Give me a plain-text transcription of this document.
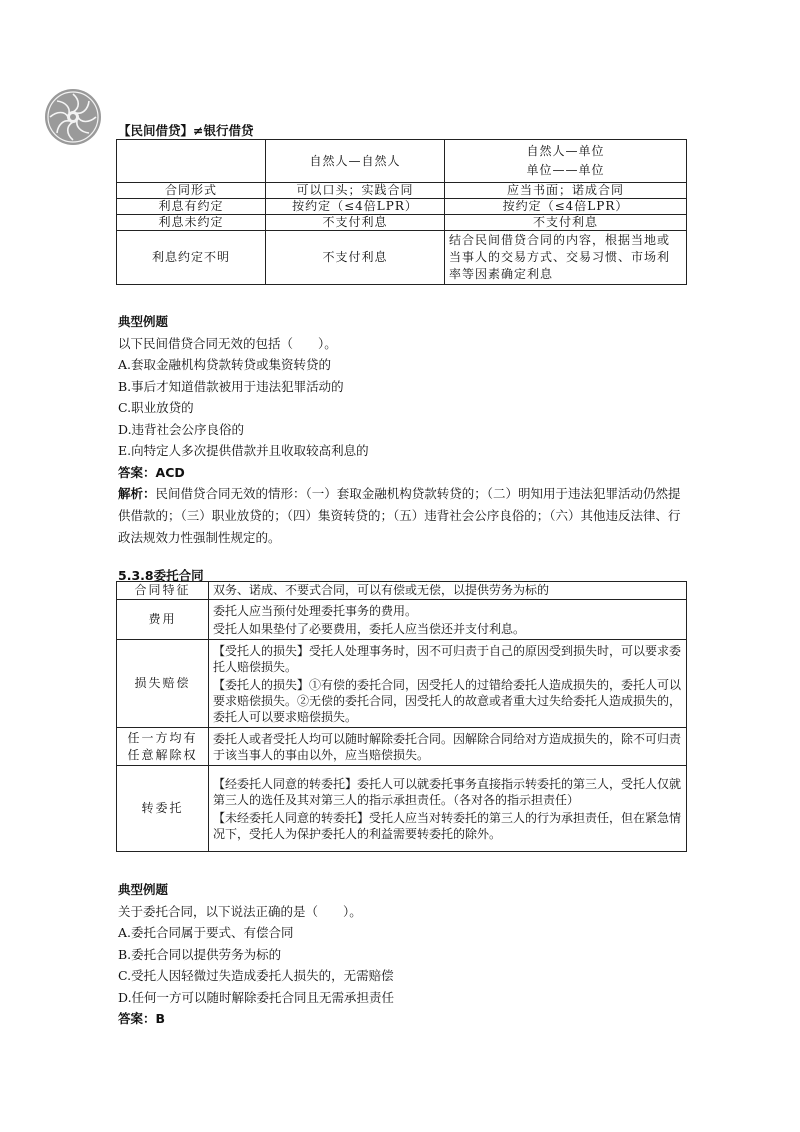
【民间借贷】≠银行借贷
	自然人—自然人	自然人—单位
单位——单位

合同形式	可以口头；实践合同	应当书面；诺成合同
利息有约定	按约定（≤4倍LPR）	按约定（≤4倍LPR）
利息未约定	不支付利息	不支付利息
利息约定不明	不支付利息	结合民间借贷合同的内容，根据当地或当事人的交易方式、交易习惯、市场利率等因素确定利息
典型例题
以下民间借贷合同无效的包括（　　）。
A.套取金融机构贷款转贷或集资转贷的
B.事后才知道借款被用于违法犯罪活动的
C.职业放贷的
D.违背社会公序良俗的
E.向特定人多次提供借款并且收取较高利息的
答案：ACD
解析：民间借贷合同无效的情形：（一）套取金融机构贷款转贷的；（二）明知用于违法犯罪活动仍然提供借款的；（三）职业放贷的；（四）集资转贷的；（五）违背社会公序良俗的；（六）其他违反法律、行政法规效力性强制性规定的。
5.3.8委托合同
合同特征	双务、诺成、不要式合同，可以有偿或无偿，以提供劳务为标的
费用	委托人应当预付处理委托事务的费用。
受托人如果垫付了必要费用，委托人应当偿还并支付利息。

损失赔偿	【受托人的损失】受托人处理事务时，因不可归责于自己的原因受到损失时，可以要求委托人赔偿损失。
【委托人的损失】①有偿的委托合同，因受托人的过错给委托人造成损失的，委托人可以要求赔偿损失。②无偿的委托合同，因受托人的故意或者重大过失给委托人造成损失的，委托人可以要求赔偿损失。

任一方均有
任意解除权	委托人或者受托人均可以随时解除委托合同。因解除合同给对方造成损失的，除不可归责于该当事人的事由以外，应当赔偿损失。
转委托	【经委托人同意的转委托】委托人可以就委托事务直接指示转委托的第三人，受托人仅就第三人的选任及其对第三人的指示承担责任。（各对各的指示担责任）
【未经委托人同意的转委托】受托人应当对转委托的第三人的行为承担责任，但在紧急情况下，受托人为保护委托人的利益需要转委托的除外。
典型例题
关于委托合同，以下说法正确的是（　　）。
A.委托合同属于要式、有偿合同
B.委托合同以提供劳务为标的
C.受托人因轻微过失造成委托人损失的，无需赔偿
D.任何一方可以随时解除委托合同且无需承担责任
答案：B
